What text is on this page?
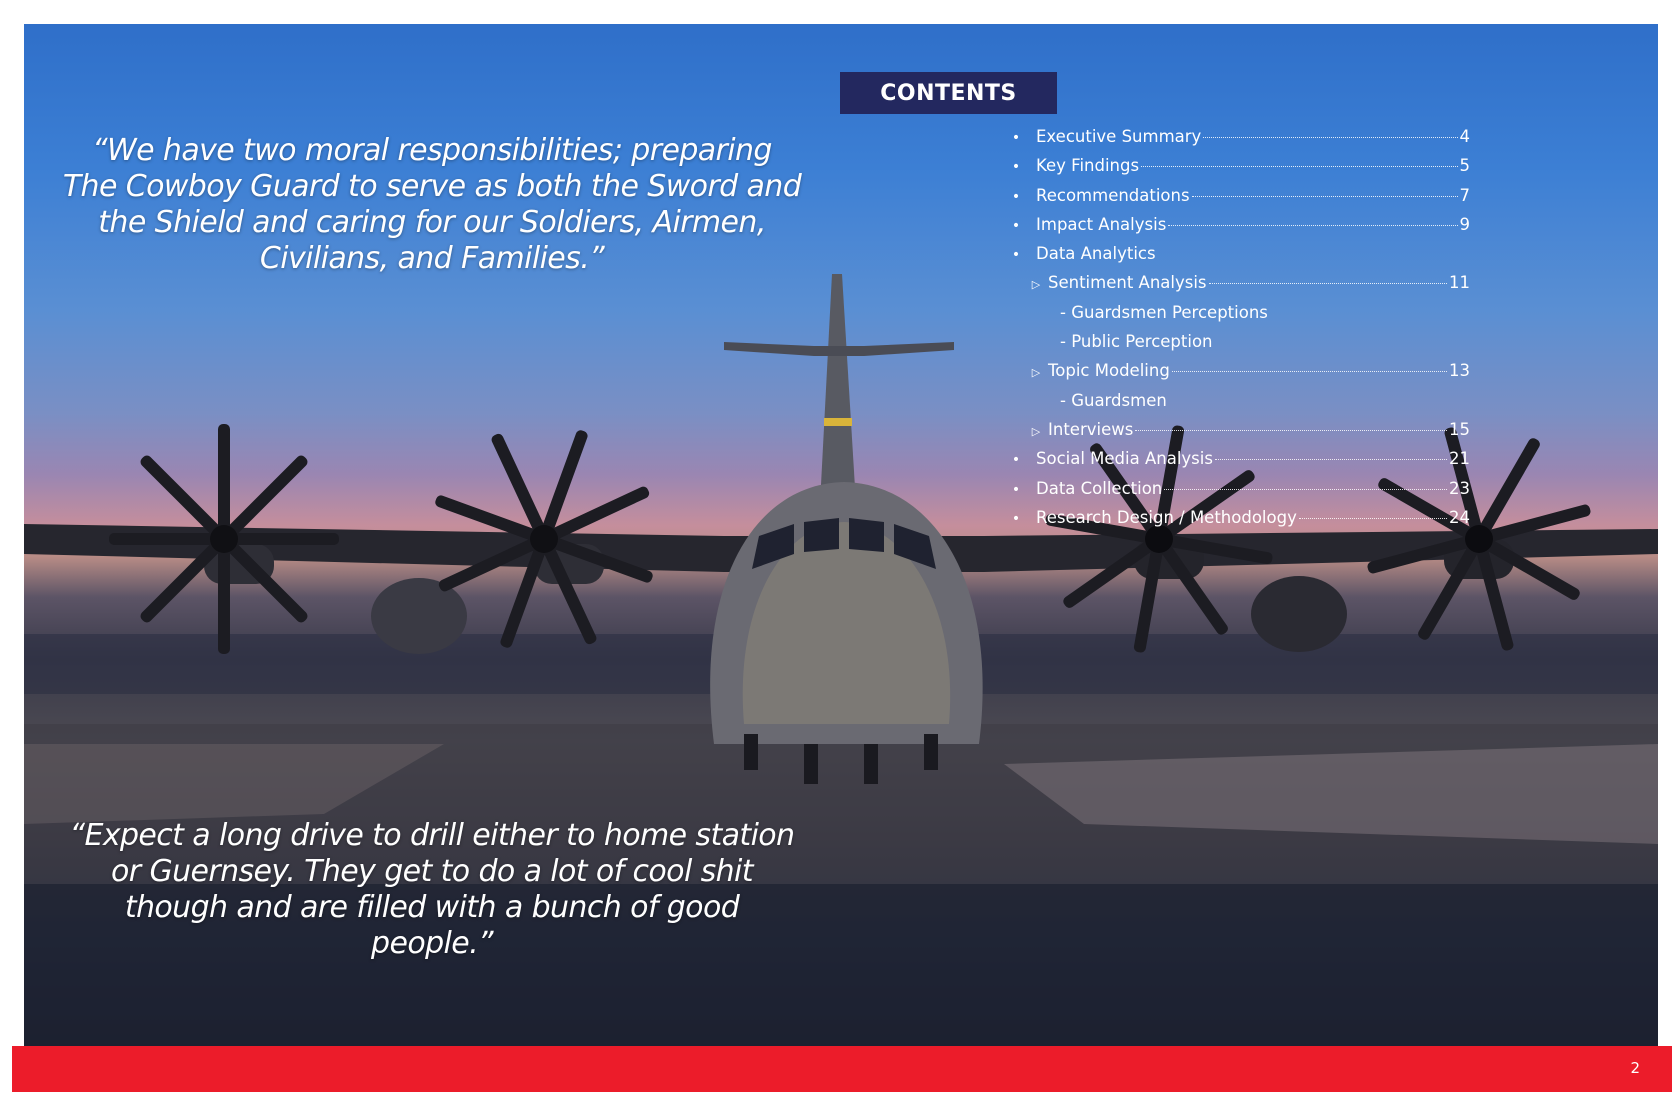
“We have two moral responsibilities; preparing The Cowboy Guard to serve as both the Sword and the Shield and caring for our Soldiers, Airmen, Civilians, and Families.”
“Expect a long drive to drill either to home station or Guernsey. They get to do a lot of cool shit though and are filled with a bunch of good people.”
CONTENTS
• Executive Summary	4
• Key Findings	5
• Recommendations	7
• Impact Analysis	9
• Data Analytics
▷ Sentiment Analysis	11
- Guardsmen Perceptions
- Public Perception
▷ Topic Modeling	13
- Guardsmen
▷ Interviews	15
• Social Media Analysis	21
• Data Collection	23
• Research Design / Methodology	24
2
